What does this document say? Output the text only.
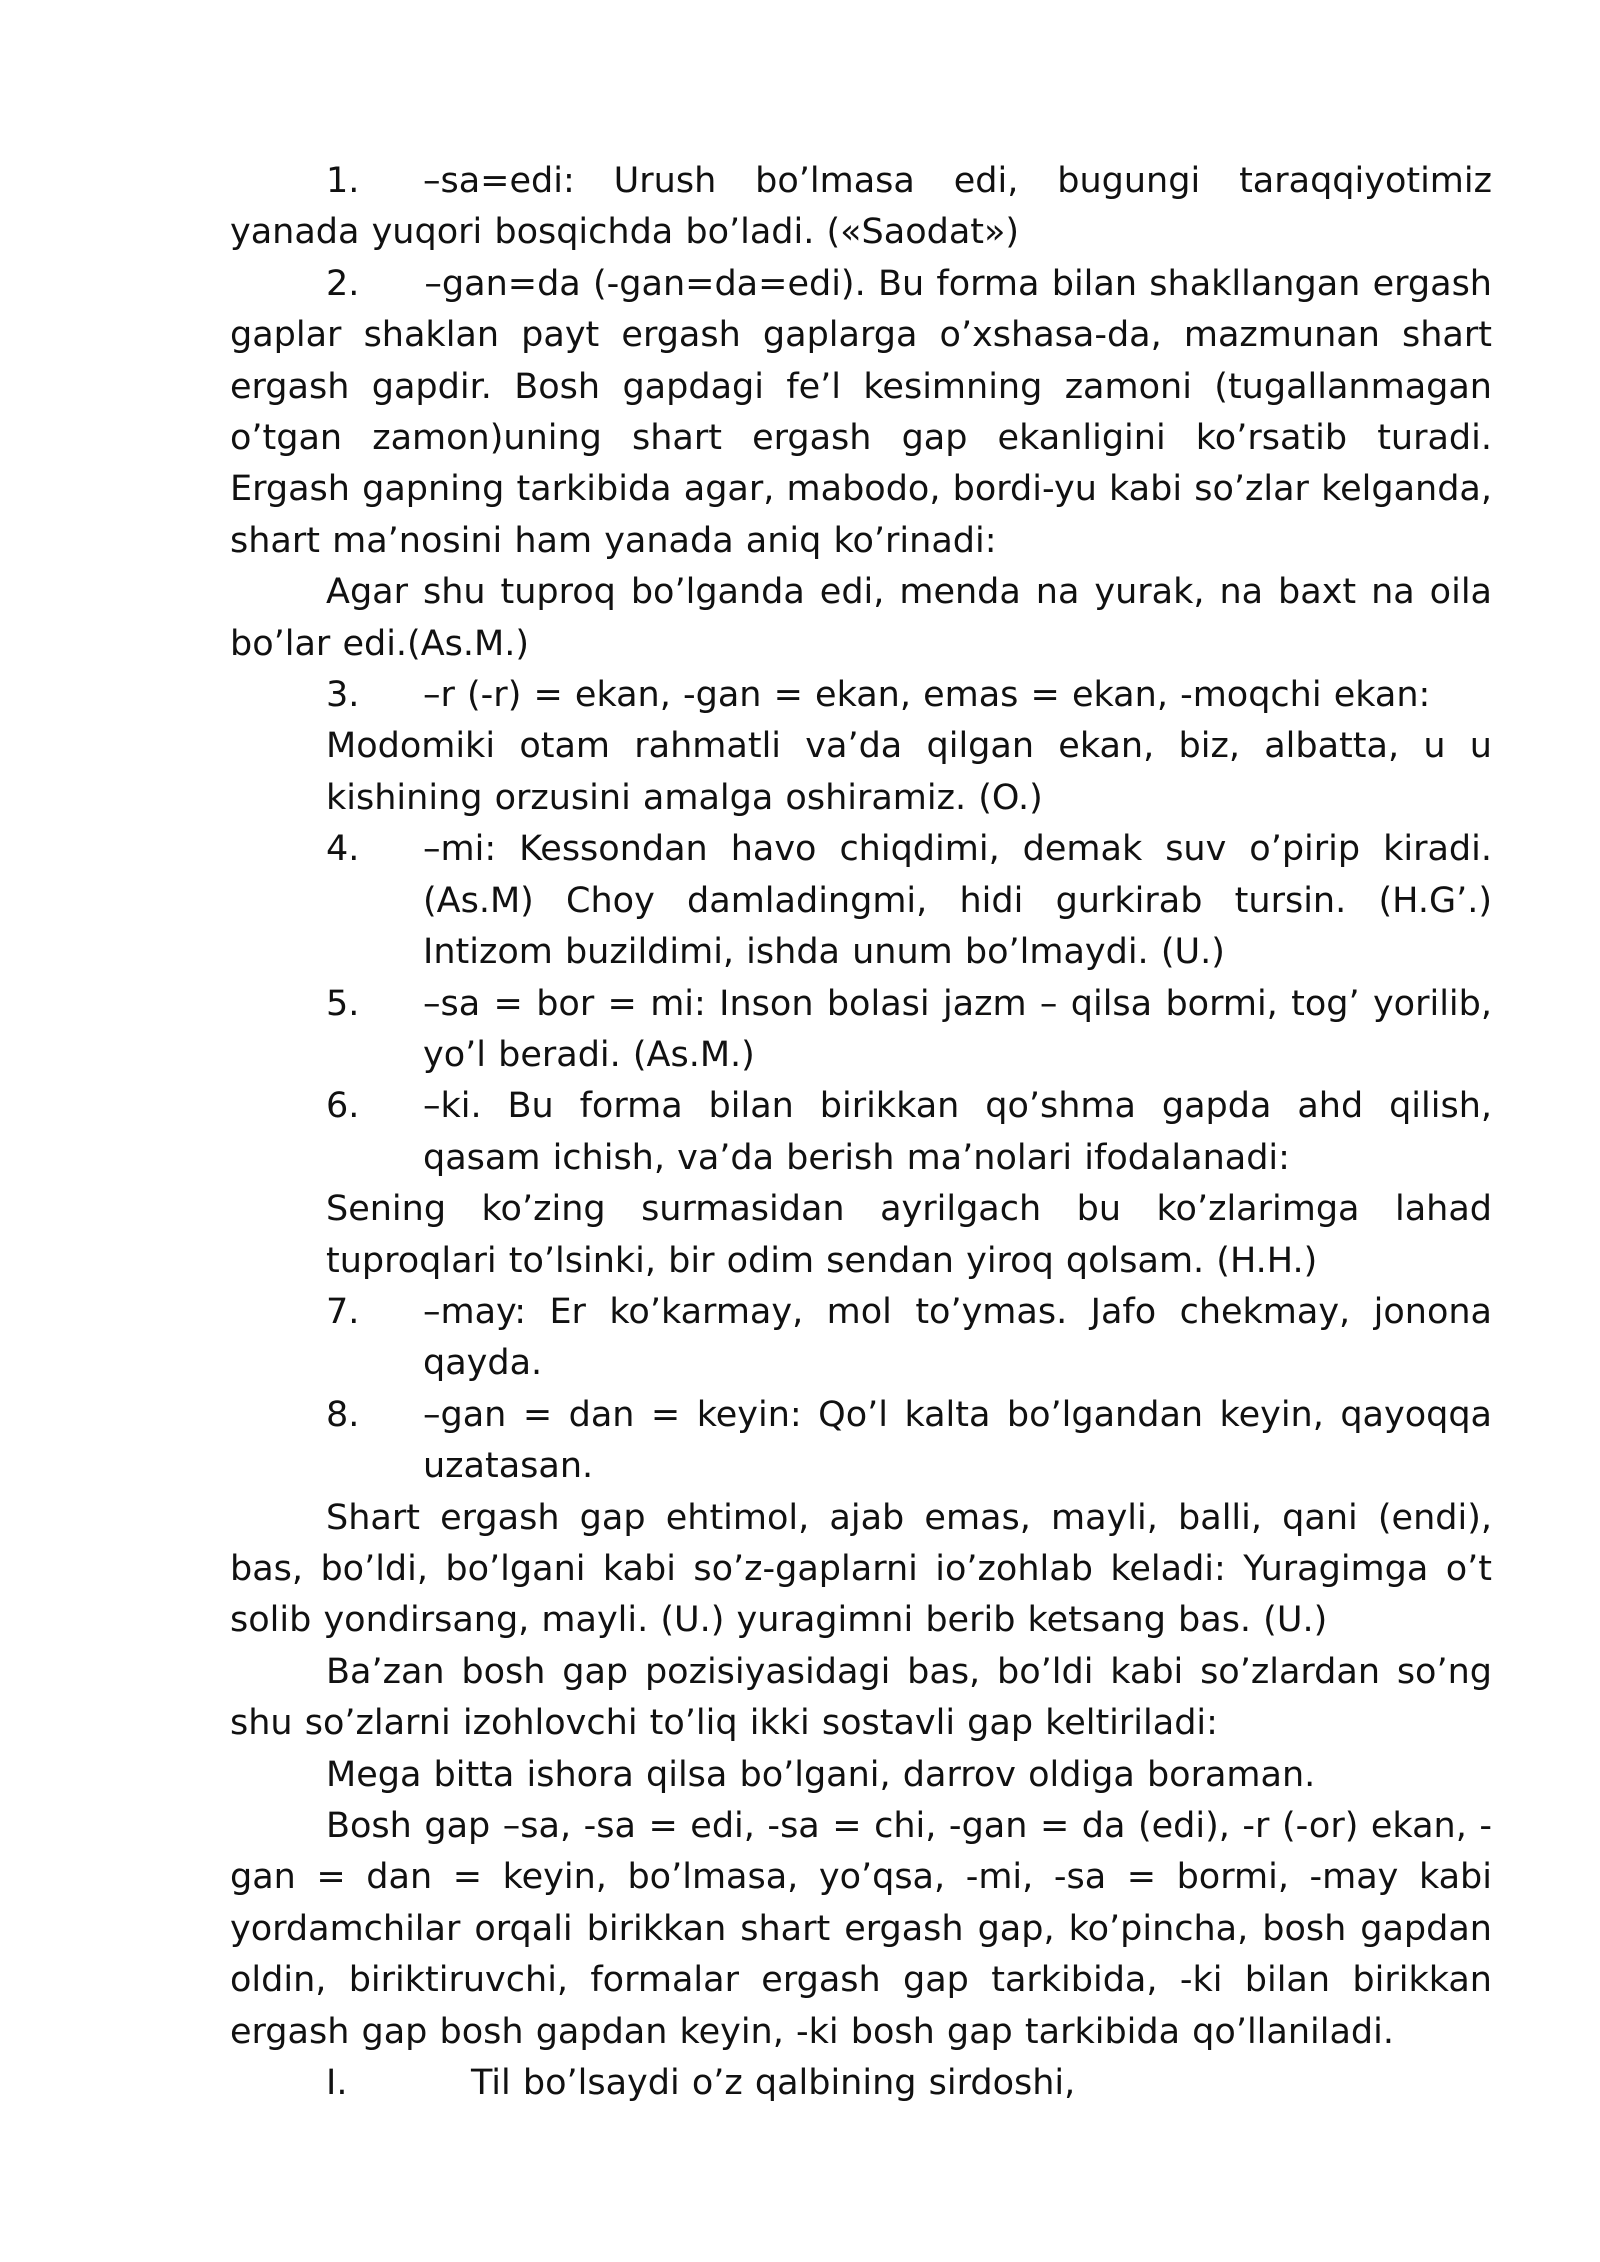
1. –sa=edi: Urush bo’lmasa edi, bugungi taraqqiyotimiz
yanada yuqori bosqichda bo’ladi. («Saodat»)

2. –gan=da (-gan=da=edi). Bu forma bilan shakllangan ergash gaplar shaklan payt ergash gaplarga o’xshasa-da, mazmunan shart ergash gapdir. Bosh gapdagi fe’l kesimning zamoni (tugallanmagan o’tgan zamon)uning shart ergash gap ekanligini ko’rsatib turadi. Ergash gapning tarkibida agar, mabodo, bordi-yu kabi so’zlar kelganda, shart ma’nosini ham yanada aniq ko’rinadi:

Agar shu tuproq bo’lganda edi, menda na yurak, na baxt na oila bo’lar edi.(As.M.)

3. –r (-r) = ekan, -gan = ekan, emas = ekan, -moqchi ekan:

Modomiki otam rahmatli va’da qilgan ekan, biz, albatta, u u kishining orzusini amalga oshiramiz. (O.)

4. –mi: Kessondan havo chiqdimi, demak suv o’pirip kiradi. (As.M) Choy damladingmi, hidi gurkirab tursin. (H.G’.) Intizom buzildimi, ishda unum bo’lmaydi. (U.)
5. –sa = bor = mi: Inson bolasi jazm – qilsa bormi, tog’ yorilib, yo’l beradi. (As.M.)
6. –ki. Bu forma bilan birikkan qo’shma gapda ahd qilish, qasam ichish, va’da berish ma’nolari ifodalanadi:

Sening ko’zing surmasidan ayrilgach bu ko’zlarimga lahad tuproqlari to’lsinki, bir odim sendan yiroq qolsam. (H.H.)

7. –may: Er ko’karmay, mol to’ymas. Jafo chekmay, jonona qayda.
8. –gan = dan = keyin: Qo’l kalta bo’lgandan keyin, qayoqqa uzatasan.

Shart ergash gap ehtimol, ajab emas, mayli, balli, qani (endi), bas, bo’ldi, bo’lgani kabi so’z-gaplarni io’zohlab keladi: Yuragimga o’t solib yondirsang, mayli. (U.) yuragimni berib ketsang bas. (U.)

Ba’zan bosh gap pozisiyasidagi bas, bo’ldi kabi so’zlardan so’ng shu so’zlarni izohlovchi to’liq ikki sostavli gap keltiriladi:

Mega bitta ishora qilsa bo’lgani, darrov oldiga boraman.

Bosh gap –sa, -sa = edi, -sa = chi, -gan = da (edi), -r (-or) ekan, -gan = dan = keyin, bo’lmasa, yo’qsa, -mi, -sa = bormi, -may kabi yordamchilar orqali birikkan shart ergash gap, ko’pincha, bosh gapdan oldin, biriktiruvchi, formalar ergash gap tarkibida, -ki bilan birikkan ergash gap bosh gapdan keyin, -ki bosh gap tarkibida qo’llaniladi.

I.	Til bo’lsaydi o’z qalbining sirdoshi,
